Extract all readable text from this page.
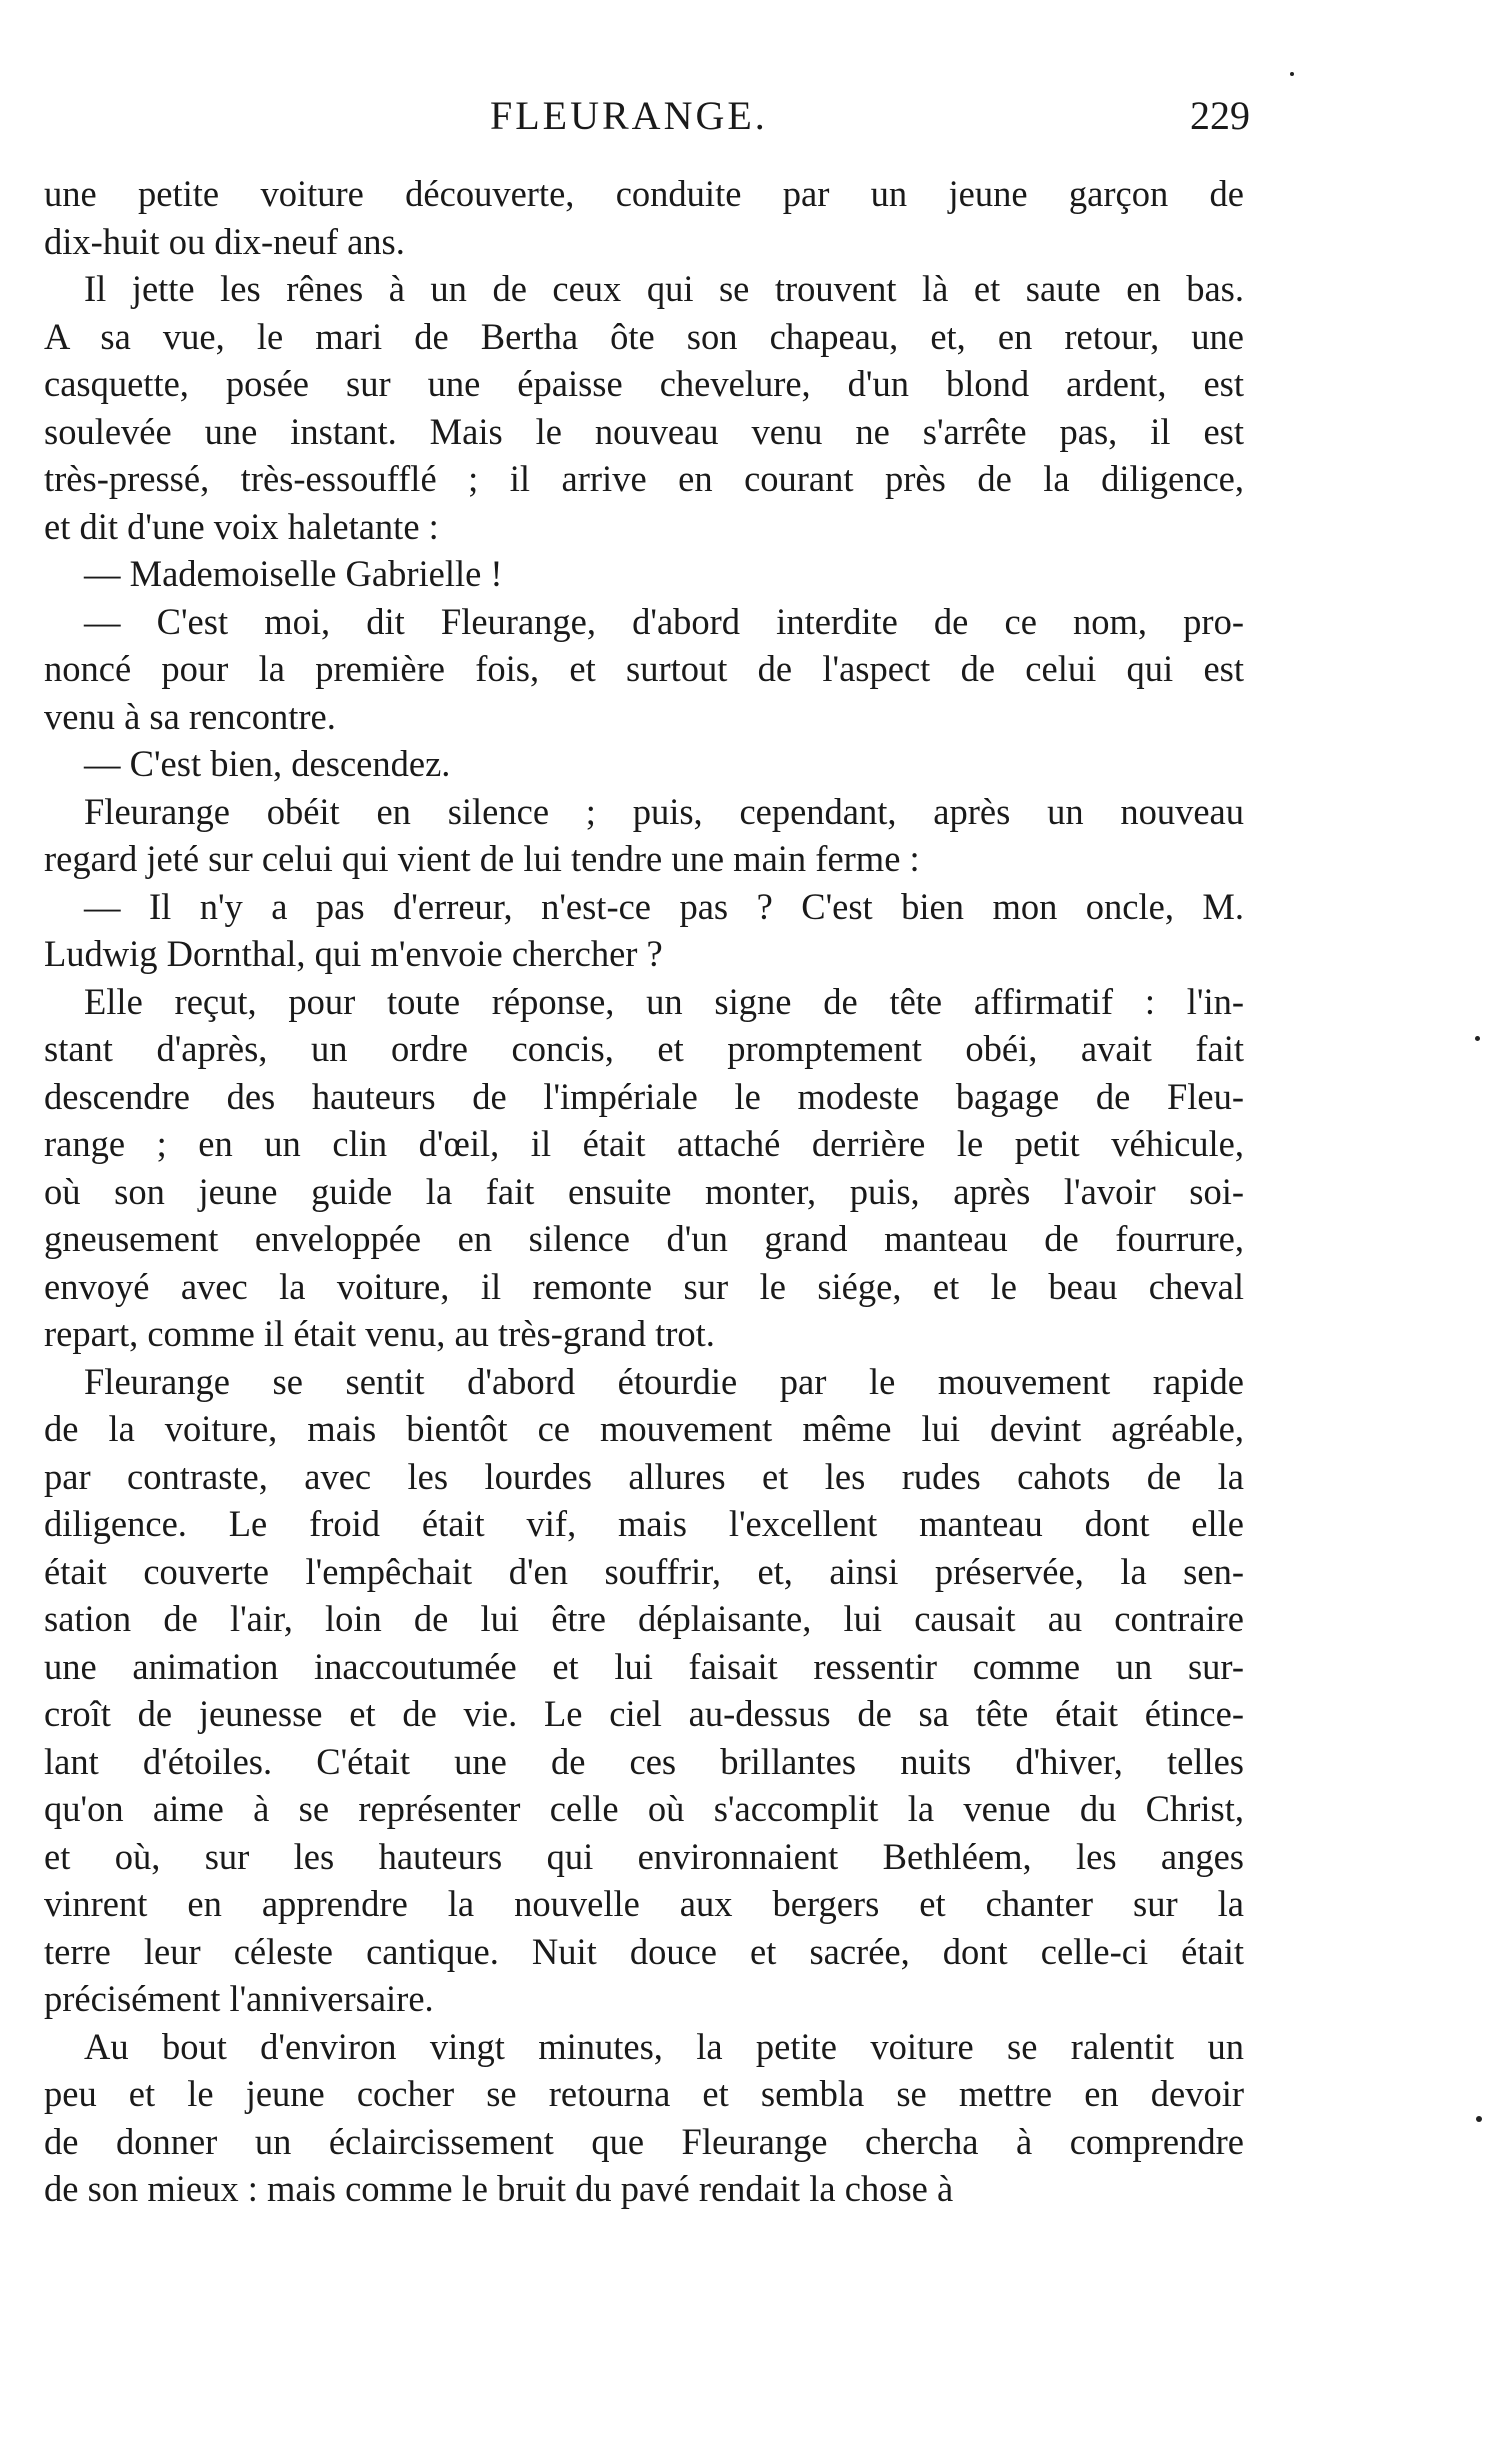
FLEURANGE.	229
une petite voiture découverte, conduite par un jeune garçon de
dix-huit ou dix-neuf ans.
Il jette les rênes à un de ceux qui se trouvent là et saute en bas.
A sa vue, le mari de Bertha ôte son chapeau, et, en retour, une
casquette, posée sur une épaisse chevelure, d'un blond ardent, est
soulevée une instant. Mais le nouveau venu ne s'arrête pas, il est
très-pressé, très-essoufflé ; il arrive en courant près de la diligence,
et dit d'une voix haletante :
— Mademoiselle Gabrielle !
— C'est moi, dit Fleurange, d'abord interdite de ce nom, pro-
noncé pour la première fois, et surtout de l'aspect de celui qui est
venu à sa rencontre.
— C'est bien, descendez.
Fleurange obéit en silence ; puis, cependant, après un nouveau
regard jeté sur celui qui vient de lui tendre une main ferme :
— Il n'y a pas d'erreur, n'est-ce pas ? C'est bien mon oncle, M.
Ludwig Dornthal, qui m'envoie chercher ?
Elle reçut, pour toute réponse, un signe de tête affirmatif : l'in-
stant d'après, un ordre concis, et promptement obéi, avait fait
descendre des hauteurs de l'impériale le modeste bagage de Fleu-
range ; en un clin d'œil, il était attaché derrière le petit véhicule,
où son jeune guide la fait ensuite monter, puis, après l'avoir soi-
gneusement enveloppée en silence d'un grand manteau de fourrure,
envoyé avec la voiture, il remonte sur le siége, et le beau cheval
repart, comme il était venu, au très-grand trot.
Fleurange se sentit d'abord étourdie par le mouvement rapide
de la voiture, mais bientôt ce mouvement même lui devint agréable,
par contraste, avec les lourdes allures et les rudes cahots de la
diligence. Le froid était vif, mais l'excellent manteau dont elle
était couverte l'empêchait d'en souffrir, et, ainsi préservée, la sen-
sation de l'air, loin de lui être déplaisante, lui causait au contraire
une animation inaccoutumée et lui faisait ressentir comme un sur-
croît de jeunesse et de vie. Le ciel au-dessus de sa tête était étince-
lant d'étoiles. C'était une de ces brillantes nuits d'hiver, telles
qu'on aime à se représenter celle où s'accomplit la venue du Christ,
et où, sur les hauteurs qui environnaient Bethléem, les anges
vinrent en apprendre la nouvelle aux bergers et chanter sur la
terre leur céleste cantique. Nuit douce et sacrée, dont celle-ci était
précisément l'anniversaire.
Au bout d'environ vingt minutes, la petite voiture se ralentit un
peu et le jeune cocher se retourna et sembla se mettre en devoir
de donner un éclaircissement que Fleurange chercha à comprendre
de son mieux : mais comme le bruit du pavé rendait la chose à
